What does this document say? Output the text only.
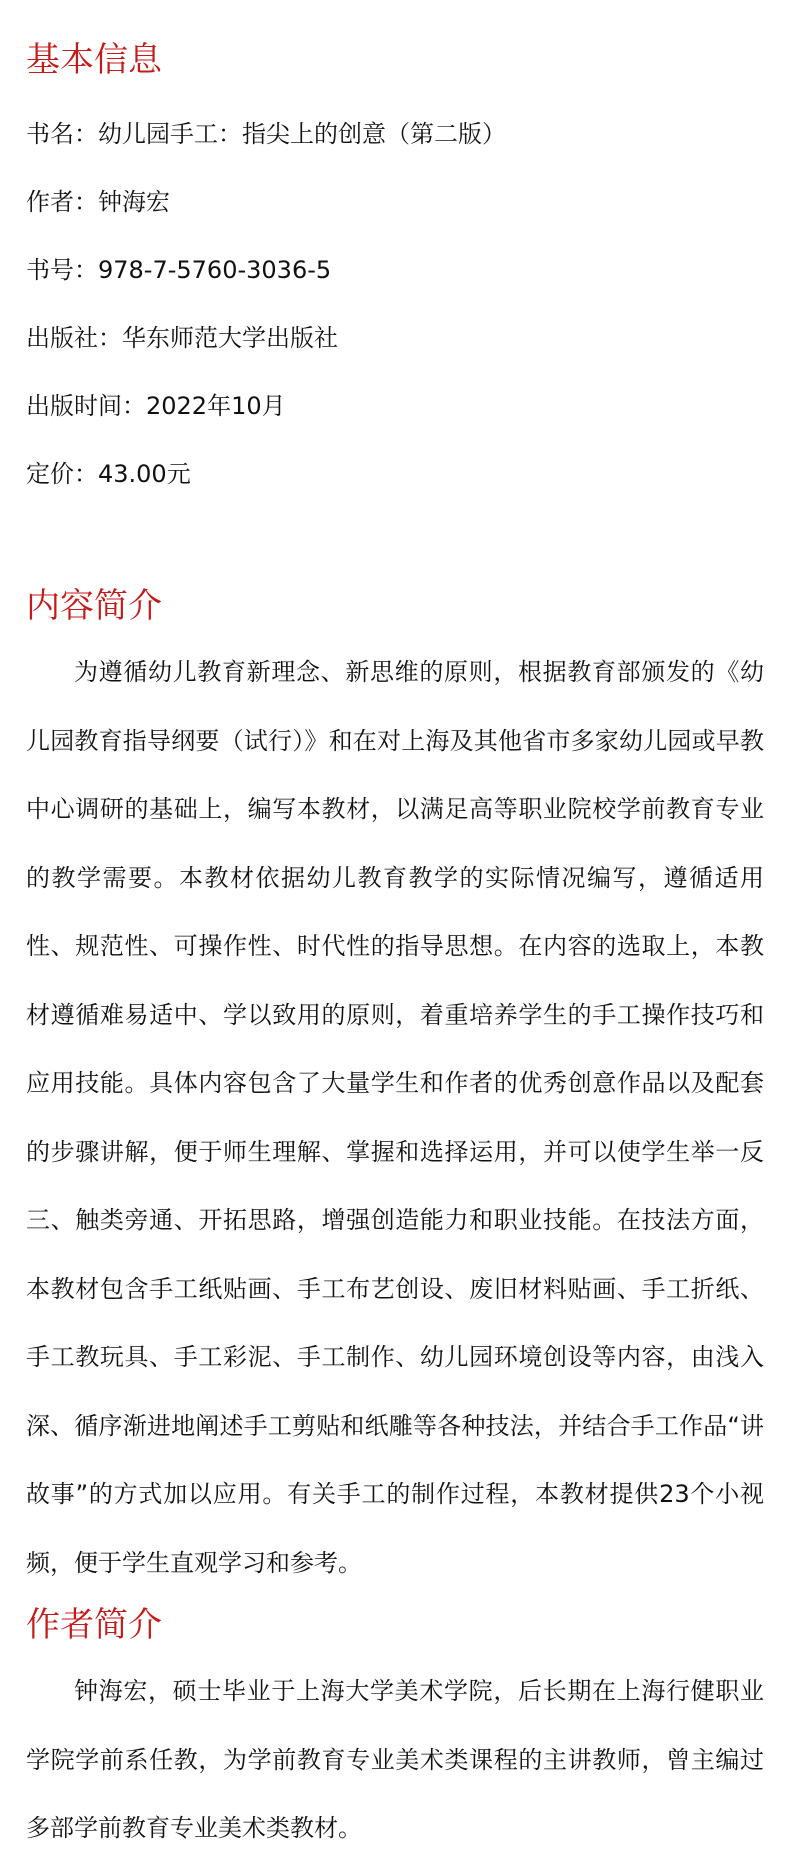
基本信息
书名：幼儿园手工：指尖上的创意（第二版）
作者：钟海宏
书号：978-7-5760-3036-5
出版社：华东师范大学出版社
出版时间：2022年10月
定价：43.00元
内容简介

为遵循幼儿教育新理念、新思维的原则，根据教育部颁发的《幼儿园教育指导纲要（试行）》和在对上海及其他省市多家幼儿园或早教中心调研的基础上，编写本教材，以满足高等职业院校学前教育专业的教学需要。本教材依据幼儿教育教学的实际情况编写，遵循适用性、规范性、可操作性、时代性的指导思想。在内容的选取上，本教材遵循难易适中、学以致用的原则，着重培养学生的手工操作技巧和应用技能。具体内容包含了大量学生和作者的优秀创意作品以及配套的步骤讲解，便于师生理解、掌握和选择运用，并可以使学生举一反三、触类旁通、开拓思路，增强创造能力和职业技能。在技法方面，本教材包含手工纸贴画、手工布艺创设、废旧材料贴画、手工折纸、手工教玩具、手工彩泥、手工制作、幼儿园环境创设等内容，由浅入深、循序渐进地阐述手工剪贴和纸雕等各种技法，并结合手工作品“讲故事”的方式加以应用。有关手工的制作过程，本教材提供23个小视频，便于学生直观学习和参考。

作者简介

钟海宏，硕士毕业于上海大学美术学院，后长期在上海行健职业学院学前系任教，为学前教育专业美术类课程的主讲教师，曾主编过多部学前教育专业美术类教材。
